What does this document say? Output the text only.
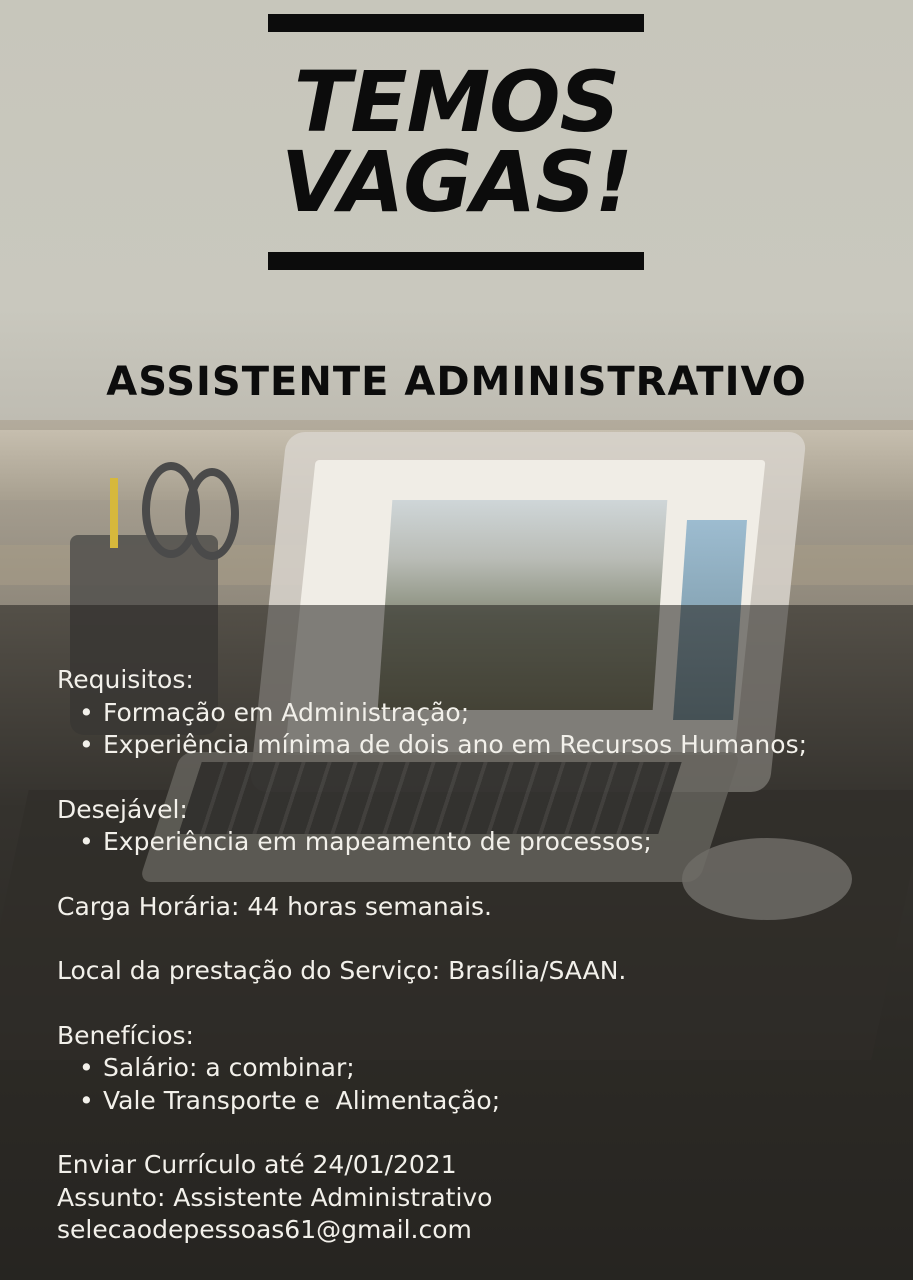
TEMOS
VAGAS!
ASSISTENTE ADMINISTRATIVO

Requisitos:

• Formação em Administração;
• Experiência mínima de dois ano em Recursos Humanos;

Desejável:

• Experiência em mapeamento de processos;

Carga Horária: 44 horas semanais.

Local da prestação do Serviço: Brasília/SAAN.

Benefícios:

• Salário: a combinar;
• Vale Transporte e  Alimentação;

Enviar Currículo até 24/01/2021

Assunto: Assistente Administrativo

selecaodepessoas61@gmail.com
